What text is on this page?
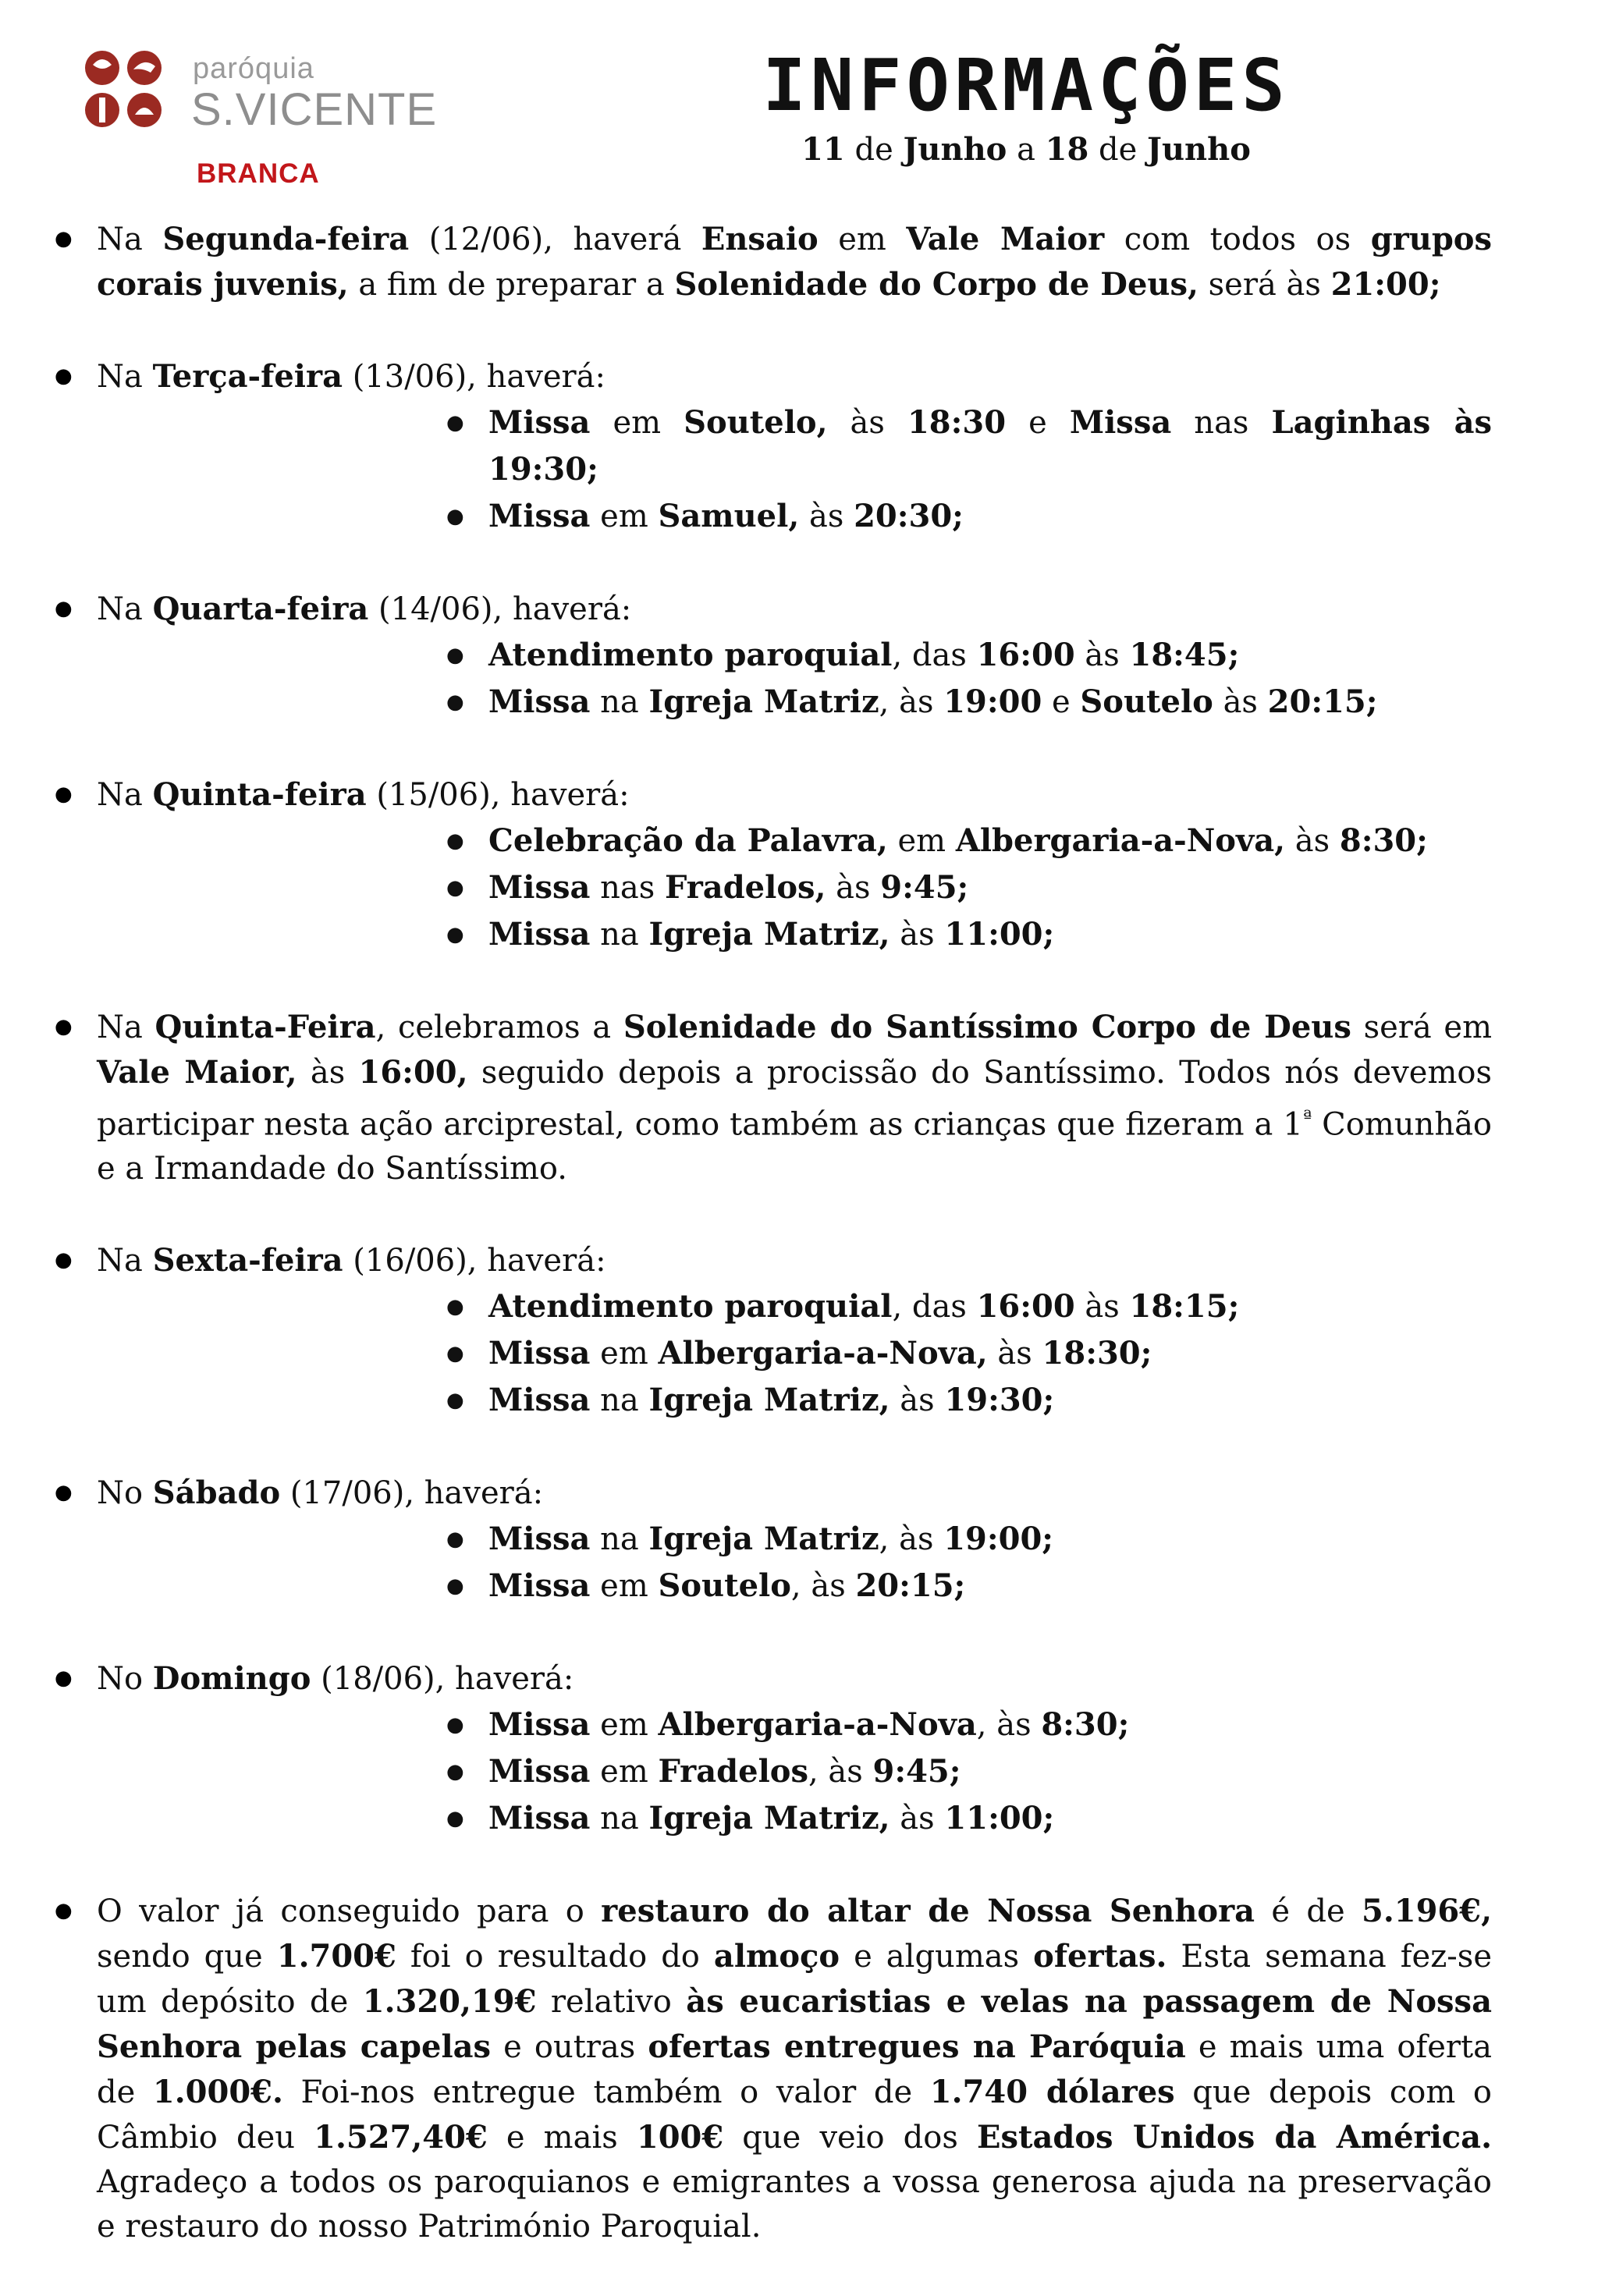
paróquia
S.VICENTE
BRANCA
INFORMAÇÕES

11 de Junho a 18 de Junho

● Na Segunda-feira (12/06), haverá Ensaio em Vale Maior com todos os grupos corais juvenis, a fim de preparar a Solenidade do Corpo de Deus, será às 21:00;

● Na Terça-feira (13/06), haverá:

● Missa em Soutelo, às 18:30 e Missa nas Laginhas às 19:30;
● Missa em Samuel, às 20:30;

● Na Quarta-feira (14/06), haverá:

● Atendimento paroquial, das 16:00 às 18:45;
● Missa na Igreja Matriz, às 19:00 e Soutelo às 20:15;

● Na Quinta-feira (15/06), haverá:

● Celebração da Palavra, em Albergaria-a-Nova, às 8:30;
● Missa nas Fradelos, às 9:45;
● Missa na Igreja Matriz, às 11:00;

● Na Quinta-Feira, celebramos a Solenidade do Santíssimo Corpo de Deus será em Vale Maior, às 16:00, seguido depois a procissão do Santíssimo. Todos nós devemos participar nesta ação arciprestal, como também as crianças que fizeram a $1^ª$ Comunhão e a Irmandade do Santíssimo.

● Na Sexta-feira (16/06), haverá:

● Atendimento paroquial, das 16:00 às 18:15;
● Missa em Albergaria-a-Nova, às 18:30;
● Missa na Igreja Matriz, às 19:30;

● No Sábado (17/06), haverá:

● Missa na Igreja Matriz, às 19:00;
● Missa em Soutelo, às 20:15;

● No Domingo (18/06), haverá:

● Missa em Albergaria-a-Nova, às 8:30;
● Missa em Fradelos, às 9:45;
● Missa na Igreja Matriz, às 11:00;

● O valor já conseguido para o restauro do altar de Nossa Senhora é de 5.196€, sendo que 1.700€ foi o resultado do almoço e algumas ofertas. Esta semana fez-se um depósito de 1.320,19€ relativo às eucaristias e velas na passagem de Nossa Senhora pelas capelas e outras ofertas entregues na Paróquia e mais uma oferta de 1.000€. Foi-nos entregue também o valor de 1.740 dólares que depois com o Câmbio deu 1.527,40€ e mais 100€ que veio dos Estados Unidos da América. Agradeço a todos os paroquianos e emigrantes a vossa generosa ajuda na preservação e restauro do nosso Património Paroquial.
